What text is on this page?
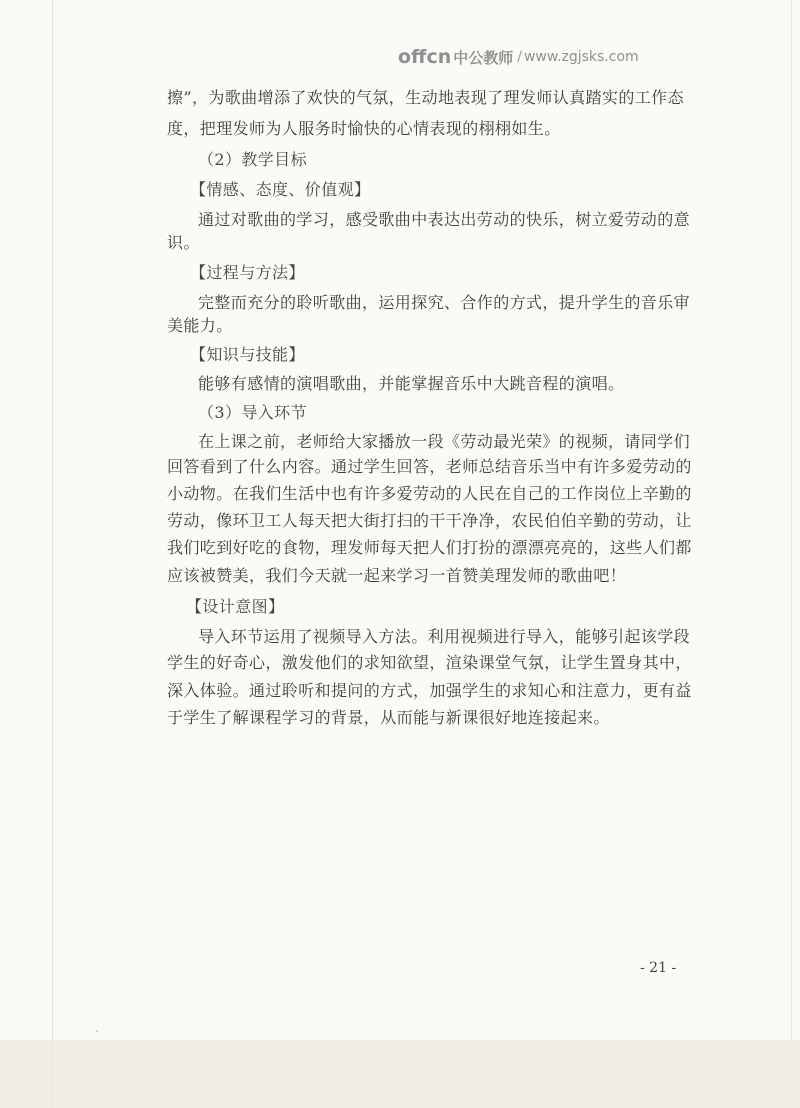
offcn 中公教师 / www.zgjsks.com
擦”，为歌曲增添了欢快的气氛，生动地表现了理发师认真踏实的工作态
度，把理发师为人服务时愉快的心情表现的栩栩如生。
（2）教学目标
【情感、态度、价值观】
通过对歌曲的学习，感受歌曲中表达出劳动的快乐，树立爱劳动的意
识。
【过程与方法】
完整而充分的聆听歌曲，运用探究、合作的方式，提升学生的音乐审
美能力。
【知识与技能】
能够有感情的演唱歌曲，并能掌握音乐中大跳音程的演唱。
（3）导入环节
在上课之前，老师给大家播放一段《劳动最光荣》的视频，请同学们
回答看到了什么内容。通过学生回答，老师总结音乐当中有许多爱劳动的
小动物。在我们生活中也有许多爱劳动的人民在自己的工作岗位上辛勤的
劳动，像环卫工人每天把大街打扫的干干净净，农民伯伯辛勤的劳动，让
我们吃到好吃的食物，理发师每天把人们打扮的漂漂亮亮的，这些人们都
应该被赞美，我们今天就一起来学习一首赞美理发师的歌曲吧！
【设计意图】
导入环节运用了视频导入方法。利用视频进行导入，能够引起该学段
学生的好奇心，激发他们的求知欲望，渲染课堂气氛，让学生置身其中，
深入体验。通过聆听和提问的方式，加强学生的求知心和注意力，更有益
于学生了解课程学习的背景，从而能与新课很好地连接起来。
- 21 -
